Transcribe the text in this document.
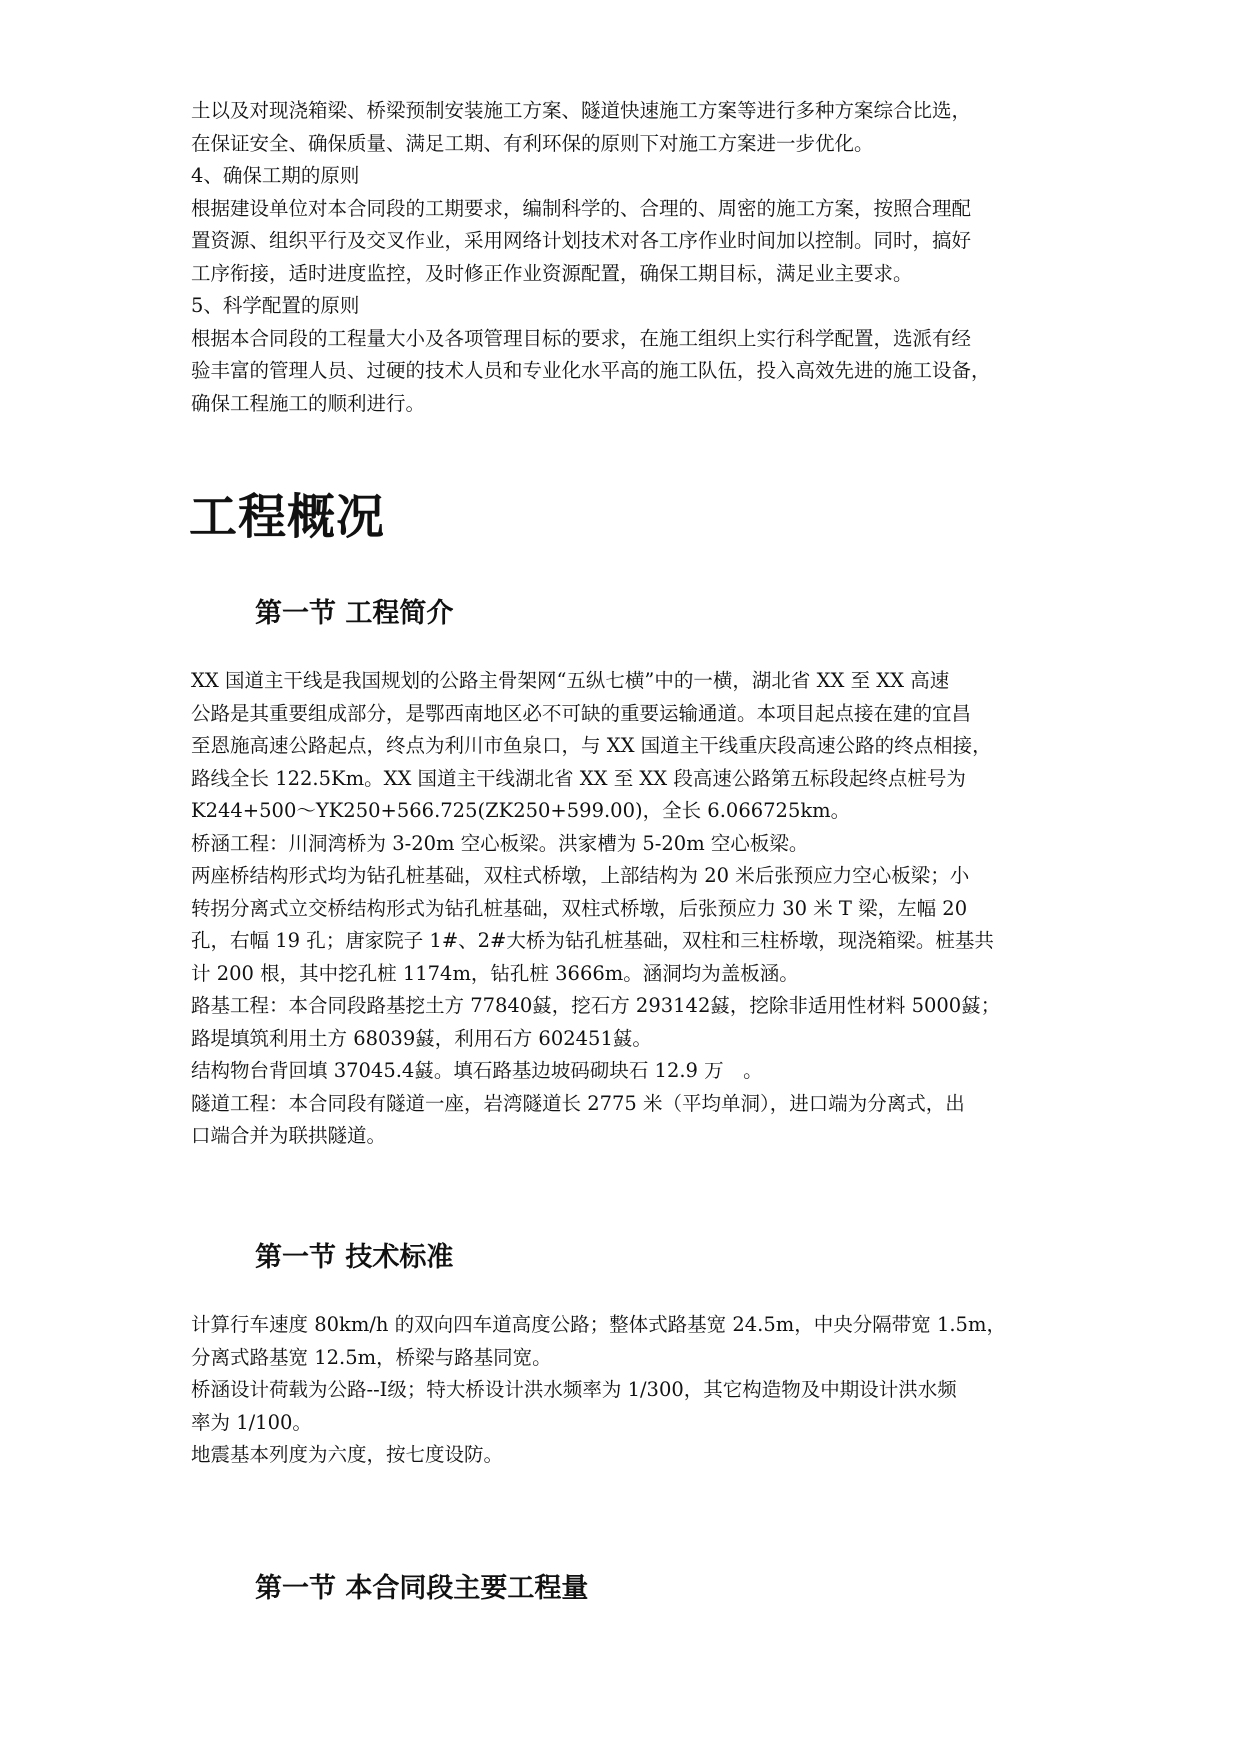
土以及对现浇箱梁、桥梁预制安装施工方案、隧道快速施工方案等进行多种方案综合比选，
在保证安全、确保质量、满足工期、有利环保的原则下对施工方案进一步优化。
4、确保工期的原则
根据建设单位对本合同段的工期要求，编制科学的、合理的、周密的施工方案，按照合理配
置资源、组织平行及交叉作业，采用网络计划技术对各工序作业时间加以控制。同时，搞好
工序衔接，适时进度监控，及时修正作业资源配置，确保工期目标，满足业主要求。
5、科学配置的原则
根据本合同段的工程量大小及各项管理目标的要求，在施工组织上实行科学配置，选派有经
验丰富的管理人员、过硬的技术人员和专业化水平高的施工队伍，投入高效先进的施工设备，
确保工程施工的顺利进行。
工程概况
第一节 工程简介
XX 国道主干线是我国规划的公路主骨架网“五纵七横”中的一横，湖北省 XX 至 XX 高速
公路是其重要组成部分，是鄂西南地区必不可缺的重要运输通道。本项目起点接在建的宜昌
至恩施高速公路起点，终点为利川市鱼泉口，与 XX 国道主干线重庆段高速公路的终点相接，
路线全长 122.5Km。XX 国道主干线湖北省 XX 至 XX 段高速公路第五标段起终点桩号为
K244+500～YK250+566.725(ZK250+599.00)，全长 6.066725km。
桥涵工程：川洞湾桥为 3-20m 空心板梁。洪家槽为 5-20m 空心板梁。
两座桥结构形式均为钻孔桩基础，双柱式桥墩，上部结构为 20 米后张预应力空心板梁；小
转拐分离式立交桥结构形式为钻孔桩基础，双柱式桥墩，后张预应力 30 米 T 梁，左幅 20
孔，右幅 19 孔；唐家院子 1#、2#大桥为钻孔桩基础，双柱和三柱桥墩，现浇箱梁。桩基共
计 200 根，其中挖孔桩 1174m，钻孔桩 3666m。涵洞均为盖板涵。
路基工程：本合同段路基挖土方 77840䵾，挖石方 293142䵾，挖除非适用性材料 5000䵾；
路堤填筑利用土方 68039䵾，利用石方 602451䵾。
结构物台背回填 37045.4䵾。填石路基边坡码砌块石 12.9 万　。
隧道工程：本合同段有隧道一座，岩湾隧道长 2775 米（平均单洞），进口端为分离式，出
口端合并为联拱隧道。
第一节 技术标准
计算行车速度 80km/h 的双向四车道高度公路；整体式路基宽 24.5m，中央分隔带宽 1.5m，
分离式路基宽 12.5m，桥梁与路基同宽。
桥涵设计荷载为公路--Ⅰ级；特大桥设计洪水频率为 1/300，其它构造物及中期设计洪水频
率为 1/100。
地震基本列度为六度，按七度设防。
第一节 本合同段主要工程量
